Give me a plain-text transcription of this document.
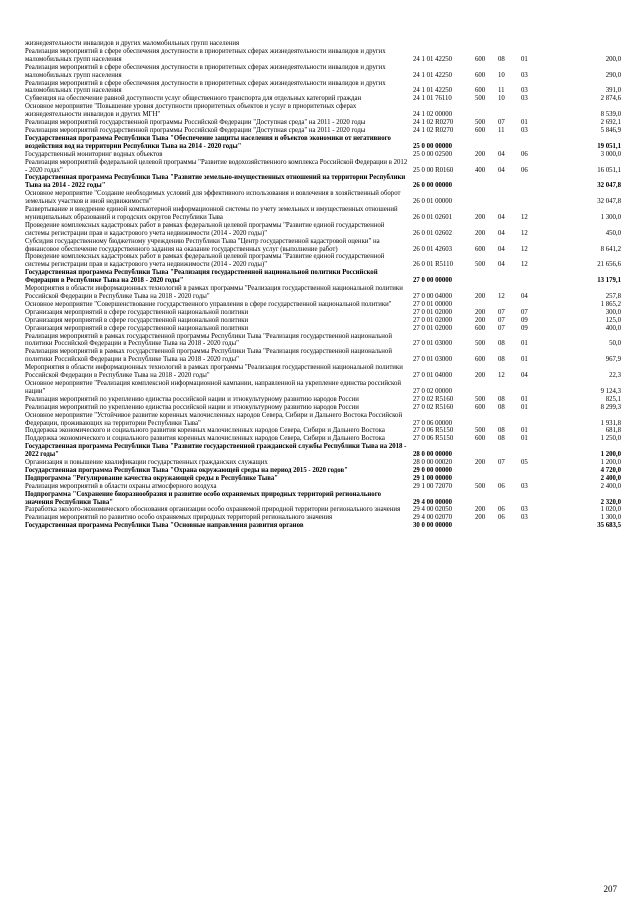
жизнедеятельности инвалидов и других маломобильных групп населения
Реализация мероприятий в сфере обеспечения доступности в приоритетных сферах жизнедеятельности инвалидов и других маломобильных групп населения	24 1 01 42250	600	08	01	200,0
Реализация мероприятий в сфере обеспечения доступности в приоритетных сферах жизнедеятельности инвалидов и других маломобильных групп населения	24 1 01 42250	600	10	03	290,0
Реализация мероприятий в сфере обеспечения доступности в приоритетных сферах жизнедеятельности инвалидов и других маломобильных групп населения	24 1 01 42250	600	11	03	391,0
Субвенция на обеспечение равной доступности услуг общественного транспорта для отдельных категорий граждан	24 1 01 76110	500	10	03	2 874,6
Основное мероприятие "Повышение уровня доступности приоритетных объектов и услуг в приоритетных сферах жизнедеятельности инвалидов и других МГН"	24 1 02 00000	8 539,0
Реализация мероприятий государственной программы Российской Федерации "Доступная среда" на 2011 - 2020 годы	24 1 02 R0270	500	07	01	2 692,1
Реализация мероприятий государственной программы Российской Федерации "Доступная среда" на 2011 - 2020 годы	24 1 02 R0270	600	11	03	5 846,9
Государственная программа Республики Тыва "Обеспечение защиты населения и объектов экономики от негативного воздействия вод на территории Республики Тыва на 2014 - 2020 годы"	25 0 00 00000	19 051,1
Государственный мониторинг водных объектов	25 0 00 02500	200	04	06	3 000,0
Реализация мероприятий федеральной целевой программы "Развитие водохозяйственного комплекса Российской Федерации в 2012 - 2020 годах"	25 0 00 R0160	400	04	06	16 051,1
Государственная программа Республики Тыва "Развитие земельно-имущественных отношений на территории Республики Тыва на 2014 - 2022 годы"	26 0 00 00000	32 047,8
Основное мероприятие "Создание необходимых условий для эффективного использования и вовлечения в хозяйственный оборот земельных участков и иной недвижимости"	26 0 01 00000	32 047,8
Развертывание и внедрение единой компьютерной информационной системы по учету земельных и имущественных отношений муниципальных образований и городских округов Республики Тыва	26 0 01 02601	200	04	12	1 300,0
Проведение комплексных кадастровых работ в рамках федеральной целевой программы "Развитие единой государственной системы регистрации прав и кадастрового учета недвижимости (2014 - 2020 годы)"	26 0 01 02602	200	04	12	450,0
Субсидия государственному бюджетному учреждению Республики Тыва "Центр государственной кадастровой оценки" на финансовое обеспечение государственного задания на оказание государственных услуг (выполнение работ)	26 0 01 42603	600	04	12	8 641,2
Проведение комплексных кадастровых работ в рамках федеральной целевой программы "Развитие единой государственной системы регистрации прав и кадастрового учета недвижимости (2014 - 2020 годы)"	26 0 01 R5110	500	04	12	21 656,6
Государственная программа Республики Тыва "Реализация государственной национальной политики Российской Федерации в Республике Тыва на 2018 - 2020 годы"	27 0 00 00000	13 179,1
Мероприятия в области информационных технологий в рамках программы "Реализация государственной национальной политики Российской Федерации в Республике Тыва на 2018 - 2020 годы"	27 0 00 04000	200	12	04	257,8
Основное мероприятие "Совершенствование государственного управления в сфере государственной национальной политики"	27 0 01 00000	1 865,2
Организация мероприятий в сфере государственной национальной политики	27 0 01 02000	200	07	07	300,0
Организация мероприятий в сфере государственной национальной политики	27 0 01 02000	200	07	09	125,0
Организация мероприятий в сфере государственной национальной политики	27 0 01 02000	600	07	09	400,0
Реализация мероприятий в рамках государственной программы Республики Тыва "Реализация государственной национальной политики Российской Федерации в Республике Тыва на 2018 - 2020 годы"	27 0 01 03000	500	08	01	50,0
Реализация мероприятий в рамках государственной программы Республики Тыва "Реализация государственной национальной политики Российской Федерации в Республике Тыва на 2018 - 2020 годы"	27 0 01 03000	600	08	01	967,9
Мероприятия в области информационных технологий в рамках программы "Реализация государственной национальной политики Российской Федерации в Республике Тыва на 2018 - 2020 годы"	27 0 01 04000	200	12	04	22,3
Основное мероприятие "Реализация комплексной информационной кампании, направленной на укрепление единства российской нации"	27 0 02 00000	9 124,3
Реализация мероприятий по укреплению единства российской нации и этнокультурному развитию народов России	27 0 02 R5160	500	08	01	825,1
Реализация мероприятий по укреплению единства российской нации и этнокультурному развитию народов России	27 0 02 R5160	600	08	01	8 299,3
Основное мероприятие "Устойчивое развитие коренных малочисленных народов Севера, Сибири и Дальнего Востока Российской Федерации, проживающих на территории Республики Тыва"	27 0 06 00000	1 931,8
Поддержка экономического и социального развития коренных малочисленных народов Севера, Сибири и Дальнего Востока	27 0 06 R5150	500	08	01	681,8
Поддержка экономического и социального развития коренных малочисленных народов Севера, Сибири и Дальнего Востока	27 0 06 R5150	600	08	01	1 250,0
Государственная программа Республики Тыва "Развитие государственной гражданской службы Республики Тыва на 2018 - 2022 годы"	28 0 00 00000	1 200,0
Организация и повышение квалификации государственных гражданских служащих	28 0 00 00020	200	07	05	1 200,0
Государственная программа Республики Тыва "Охрана окружающей среды на период 2015 - 2020 годов"	29 0 00 00000	4 720,0
Подпрограмма "Регулирование качества окружающей среды в Республике Тыва"	29 1 00 00000	2 400,0
Реализация мероприятий в области охраны атмосферного воздуха	29 1 00 72070	500	06	03	2 400,0
Подпрограмма "Сохранение биоразнообразия и развитие особо охраняемых природных территорий регионального значения Республики Тыва"	29 4 00 00000	2 320,0
Разработка эколого-экономического обоснования организации особо охраняемой природной территории регионального значения	29 4 00 02050	200	06	03	1 020,0
Реализация мероприятий по развитию особо охраняемых природных территорий регионального значения	29 4 00 02070	200	06	03	1 300,0
Государственная программа Республики Тыва "Основные направления развития органов	30 0 00 00000	35 683,5
207
